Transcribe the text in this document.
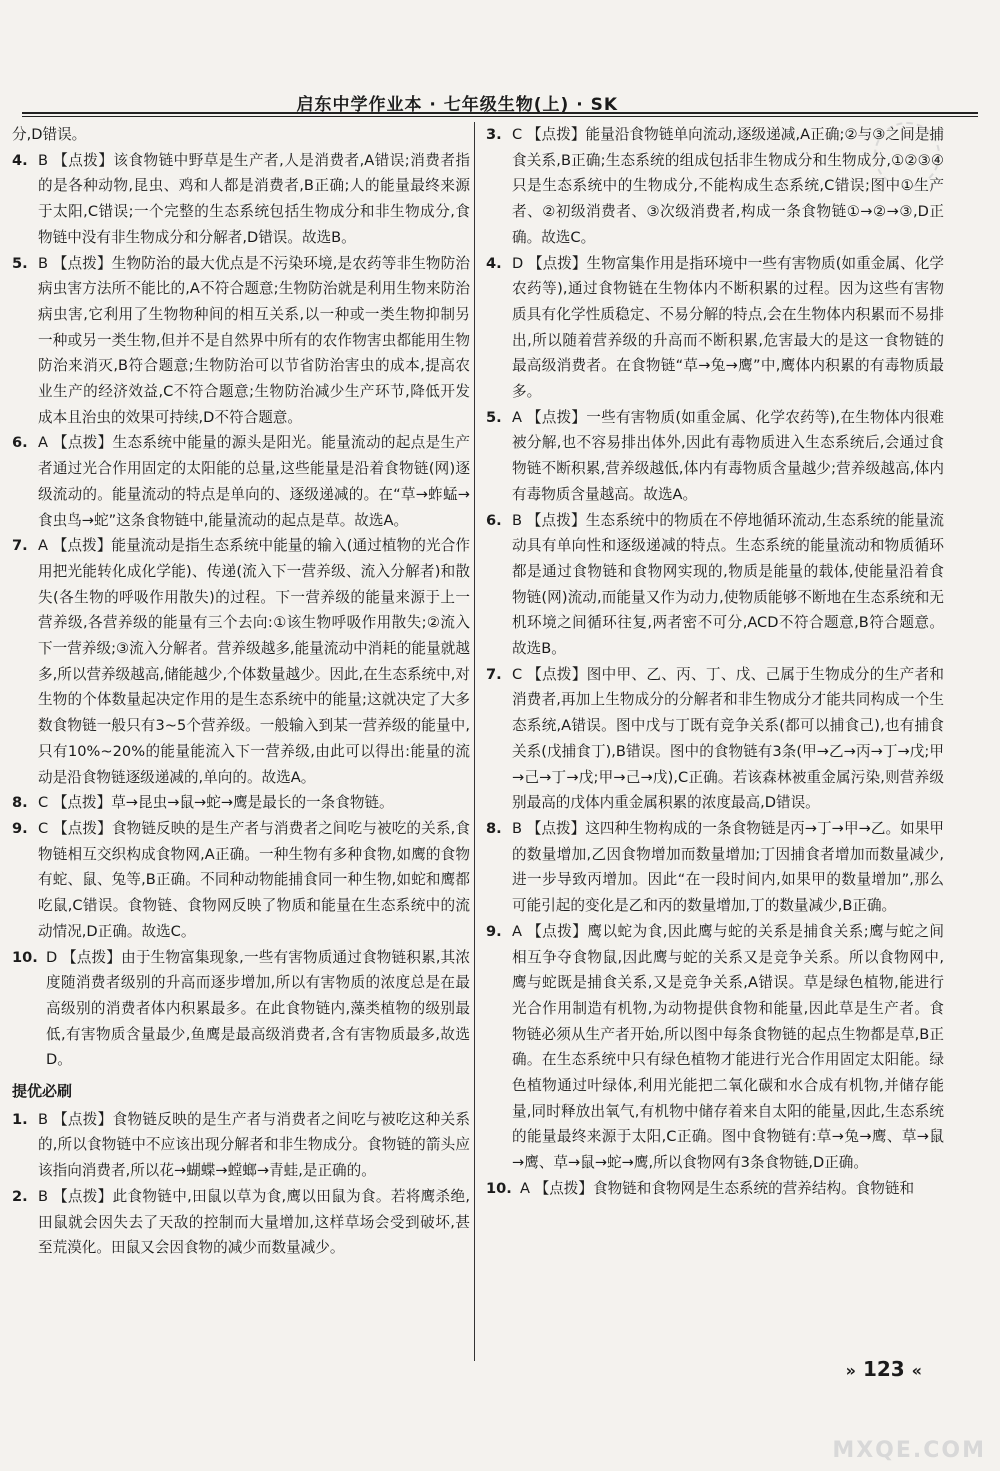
启东中学作业本 · 七年级生物(上) · SK
分,D错误。
4. B 【点拨】该食物链中野草是生产者,人是消费者,A错误;消费者指的是各种动物,昆虫、鸡和人都是消费者,B正确;人的能量最终来源于太阳,C错误;一个完整的生态系统包括生物成分和非生物成分,食物链中没有非生物成分和分解者,D错误。故选B。
5. B 【点拨】生物防治的最大优点是不污染环境,是农药等非生物防治病虫害方法所不能比的,A不符合题意;生物防治就是利用生物来防治病虫害,它利用了生物物种间的相互关系,以一种或一类生物抑制另一种或另一类生物,但并不是自然界中所有的农作物害虫都能用生物防治来消灭,B符合题意;生物防治可以节省防治害虫的成本,提高农业生产的经济效益,C不符合题意;生物防治减少生产环节,降低开发成本且治虫的效果可持续,D不符合题意。
6. A 【点拨】生态系统中能量的源头是阳光。能量流动的起点是生产者通过光合作用固定的太阳能的总量,这些能量是沿着食物链(网)逐级流动的。能量流动的特点是单向的、逐级递减的。在“草→蚱蜢→食虫鸟→蛇”这条食物链中,能量流动的起点是草。故选A。
7. A 【点拨】能量流动是指生态系统中能量的输入(通过植物的光合作用把光能转化成化学能)、传递(流入下一营养级、流入分解者)和散失(各生物的呼吸作用散失)的过程。下一营养级的能量来源于上一营养级,各营养级的能量有三个去向:①该生物呼吸作用散失;②流入下一营养级;③流入分解者。营养级越多,能量流动中消耗的能量就越多,所以营养级越高,储能越少,个体数量越少。因此,在生态系统中,对生物的个体数量起决定作用的是生态系统中的能量;这就决定了大多数食物链一般只有3~5个营养级。一般输入到某一营养级的能量中,只有10%~20%的能量能流入下一营养级,由此可以得出:能量的流动是沿食物链逐级递减的,单向的。故选A。
8. C 【点拨】草→昆虫→鼠→蛇→鹰是最长的一条食物链。
9. C 【点拨】食物链反映的是生产者与消费者之间吃与被吃的关系,食物链相互交织构成食物网,A正确。一种生物有多种食物,如鹰的食物有蛇、鼠、兔等,B正确。不同种动物能捕食同一种生物,如蛇和鹰都吃鼠,C错误。食物链、食物网反映了物质和能量在生态系统中的流动情况,D正确。故选C。
10. D 【点拨】由于生物富集现象,一些有害物质通过食物链积累,其浓度随消费者级别的升高而逐步增加,所以有害物质的浓度总是在最高级别的消费者体内积累最多。在此食物链内,藻类植物的级别最低,有害物质含量最少,鱼鹰是最高级消费者,含有害物质最多,故选D。
提优必刷
1. B 【点拨】食物链反映的是生产者与消费者之间吃与被吃这种关系的,所以食物链中不应该出现分解者和非生物成分。食物链的箭头应该指向消费者,所以花→蝴蝶→螳螂→青蛙,是正确的。
2. B 【点拨】此食物链中,田鼠以草为食,鹰以田鼠为食。若将鹰杀绝,田鼠就会因失去了天敌的控制而大量增加,这样草场会受到破坏,甚至荒漠化。田鼠又会因食物的减少而数量减少。
3. C 【点拨】能量沿食物链单向流动,逐级递减,A正确;②与③之间是捕食关系,B正确;生态系统的组成包括非生物成分和生物成分,①②③④只是生态系统中的生物成分,不能构成生态系统,C错误;图中①生产者、②初级消费者、③次级消费者,构成一条食物链①→②→③,D正确。故选C。
4. D 【点拨】生物富集作用是指环境中一些有害物质(如重金属、化学农药等),通过食物链在生物体内不断积累的过程。因为这些有害物质具有化学性质稳定、不易分解的特点,会在生物体内积累而不易排出,所以随着营养级的升高而不断积累,危害最大的是这一食物链的最高级消费者。在食物链“草→兔→鹰”中,鹰体内积累的有毒物质最多。
5. A 【点拨】一些有害物质(如重金属、化学农药等),在生物体内很难被分解,也不容易排出体外,因此有毒物质进入生态系统后,会通过食物链不断积累,营养级越低,体内有毒物质含量越少;营养级越高,体内有毒物质含量越高。故选A。
6. B 【点拨】生态系统中的物质在不停地循环流动,生态系统的能量流动具有单向性和逐级递减的特点。生态系统的能量流动和物质循环都是通过食物链和食物网实现的,物质是能量的载体,使能量沿着食物链(网)流动,而能量又作为动力,使物质能够不断地在生态系统和无机环境之间循环往复,两者密不可分,ACD不符合题意,B符合题意。故选B。
7. C 【点拨】图中甲、乙、丙、丁、戊、己属于生物成分的生产者和消费者,再加上生物成分的分解者和非生物成分才能共同构成一个生态系统,A错误。图中戊与丁既有竞争关系(都可以捕食己),也有捕食关系(戊捕食丁),B错误。图中的食物链有3条(甲→乙→丙→丁→戊;甲→己→丁→戊;甲→己→戊),C正确。若该森林被重金属污染,则营养级别最高的戊体内重金属积累的浓度最高,D错误。
8. B 【点拨】这四种生物构成的一条食物链是丙→丁→甲→乙。如果甲的数量增加,乙因食物增加而数量增加;丁因捕食者增加而数量减少,进一步导致丙增加。因此“在一段时间内,如果甲的数量增加”,那么可能引起的变化是乙和丙的数量增加,丁的数量减少,B正确。
9. A 【点拨】鹰以蛇为食,因此鹰与蛇的关系是捕食关系;鹰与蛇之间相互争夺食物鼠,因此鹰与蛇的关系又是竞争关系。所以食物网中,鹰与蛇既是捕食关系,又是竞争关系,A错误。草是绿色植物,能进行光合作用制造有机物,为动物提供食物和能量,因此草是生产者。食物链必须从生产者开始,所以图中每条食物链的起点生物都是草,B正确。在生态系统中只有绿色植物才能进行光合作用固定太阳能。绿色植物通过叶绿体,利用光能把二氧化碳和水合成有机物,并储存能量,同时释放出氧气,有机物中储存着来自太阳的能量,因此,生态系统的能量最终来源于太阳,C正确。图中食物链有:草→兔→鹰、草→鼠→鹰、草→鼠→蛇→鹰,所以食物网有3条食物链,D正确。
10. A 【点拨】食物链和食物网是生态系统的营养结构。食物链和
» 123 «
MXQE.COM
